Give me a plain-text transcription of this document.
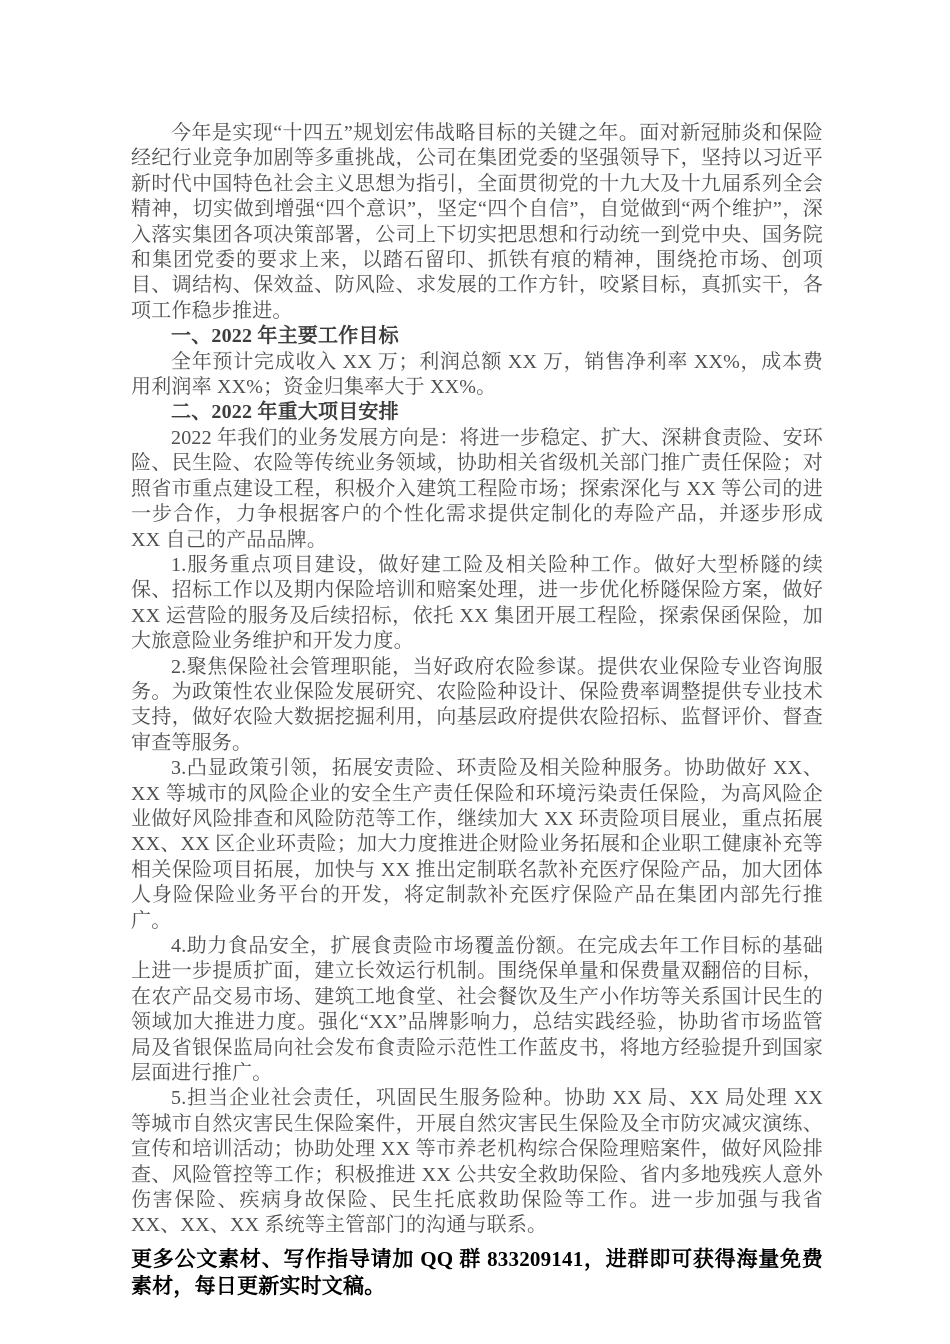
今年是实现“十四五”规划宏伟战略目标的关键之年。面对新冠肺炎和保险经纪行业竞争加剧等多重挑战，公司在集团党委的坚强领导下，坚持以习近平新时代中国特色社会主义思想为指引，全面贯彻党的十九大及十九届系列全会精神，切实做到增强“四个意识”，坚定“四个自信”，自觉做到“两个维护”，深入落实集团各项决策部署，公司上下切实把思想和行动统一到党中央、国务院和集团党委的要求上来，以踏石留印、抓铁有痕的精神，围绕抢市场、创项目、调结构、保效益、防风险、求发展的工作方针，咬紧目标，真抓实干，各项工作稳步推进。

一、2022 年主要工作目标

全年预计完成收入 XX 万；利润总额 XX 万，销售净利率 XX%，成本费用利润率 XX%；资金归集率大于 XX%。

二、2022 年重大项目安排

2022 年我们的业务发展方向是：将进一步稳定、扩大、深耕食责险、安环险、民生险、农险等传统业务领域，协助相关省级机关部门推广责任保险；对照省市重点建设工程，积极介入建筑工程险市场；探索深化与 XX 等公司的进一步合作，力争根据客户的个性化需求提供定制化的寿险产品，并逐步形成 XX 自己的产品品牌。

1.服务重点项目建设，做好建工险及相关险种工作。做好大型桥隧的续保、招标工作以及期内保险培训和赔案处理，进一步优化桥隧保险方案，做好 XX 运营险的服务及后续招标，依托 XX 集团开展工程险，探索保函保险，加大旅意险业务维护和开发力度。

2.聚焦保险社会管理职能，当好政府农险参谋。提供农业保险专业咨询服务。为政策性农业保险发展研究、农险险种设计、保险费率调整提供专业技术支持，做好农险大数据挖掘利用，向基层政府提供农险招标、监督评价、督查审查等服务。

3.凸显政策引领，拓展安责险、环责险及相关险种服务。协助做好 XX、XX 等城市的风险企业的安全生产责任保险和环境污染责任保险，为高风险企业做好风险排查和风险防范等工作，继续加大 XX 环责险项目展业，重点拓展 XX、XX 区企业环责险；加大力度推进企财险业务拓展和企业职工健康补充等相关保险项目拓展，加快与 XX 推出定制联名款补充医疗保险产品，加大团体人身险保险业务平台的开发，将定制款补充医疗保险产品在集团内部先行推广。

4.助力食品安全，扩展食责险市场覆盖份额。在完成去年工作目标的基础上进一步提质扩面，建立长效运行机制。围绕保单量和保费量双翻倍的目标，在农产品交易市场、建筑工地食堂、社会餐饮及生产小作坊等关系国计民生的领域加大推进力度。强化“XX”品牌影响力，总结实践经验，协助省市场监管局及省银保监局向社会发布食责险示范性工作蓝皮书，将地方经验提升到国家层面进行推广。

5.担当企业社会责任，巩固民生服务险种。协助 XX 局、XX 局处理 XX 等城市自然灾害民生保险案件，开展自然灾害民生保险及全市防灾减灾演练、宣传和培训活动；协助处理 XX 等市养老机构综合保险理赔案件，做好风险排查、风险管控等工作；积极推进 XX 公共安全救助保险、省内多地残疾人意外伤害保险、疾病身故保险、民生托底救助保险等工作。进一步加强与我省 XX、XX、XX 系统等主管部门的沟通与联系。

更多公文素材、写作指导请加 QQ 群 833209141，进群即可获得海量免费素材，每日更新实时文稿。
